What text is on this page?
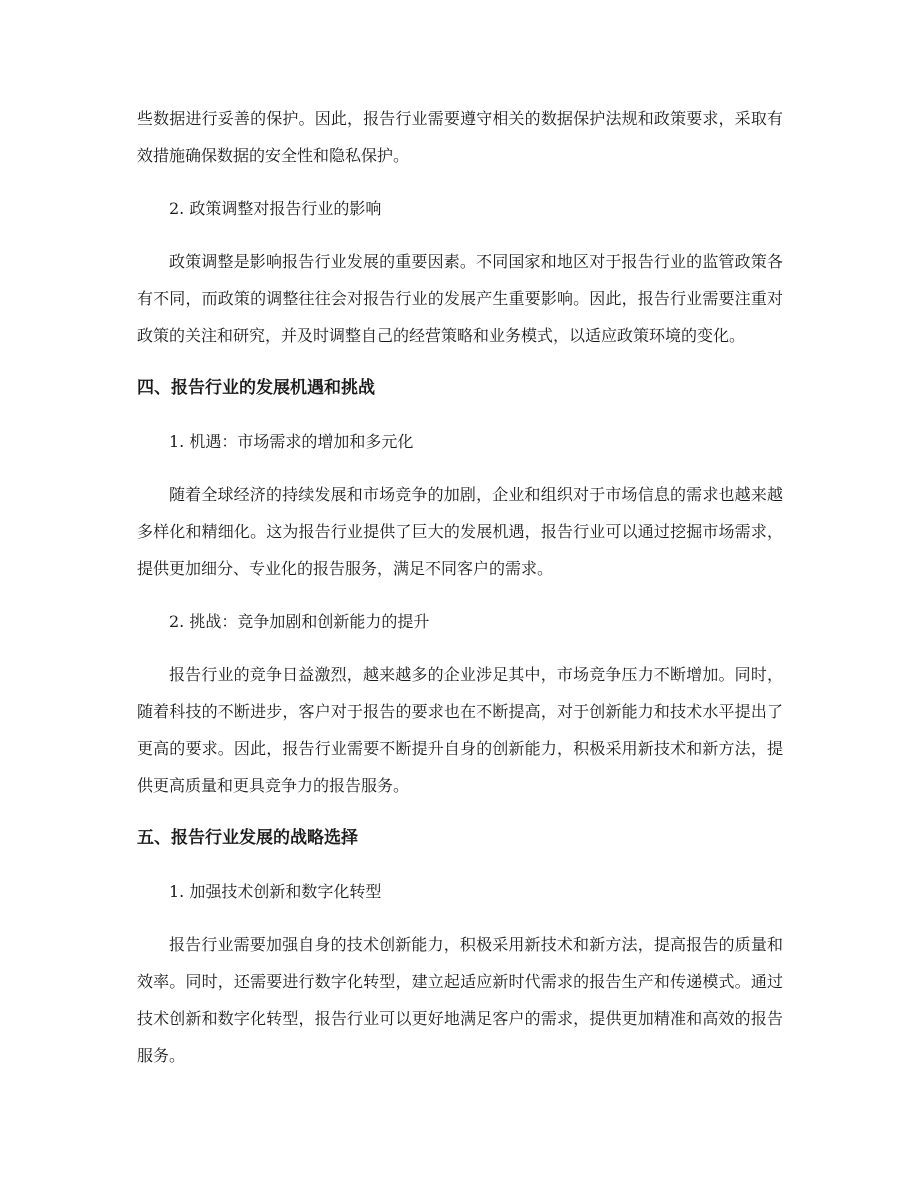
些数据进行妥善的保护。因此，报告行业需要遵守相关的数据保护法规和政策要求，采取有效措施确保数据的安全性和隐私保护。

2. 政策调整对报告行业的影响

政策调整是影响报告行业发展的重要因素。不同国家和地区对于报告行业的监管政策各有不同，而政策的调整往往会对报告行业的发展产生重要影响。因此，报告行业需要注重对政策的关注和研究，并及时调整自己的经营策略和业务模式，以适应政策环境的变化。

四、报告行业的发展机遇和挑战
1. 机遇：市场需求的增加和多元化

随着全球经济的持续发展和市场竞争的加剧，企业和组织对于市场信息的需求也越来越多样化和精细化。这为报告行业提供了巨大的发展机遇，报告行业可以通过挖掘市场需求，提供更加细分、专业化的报告服务，满足不同客户的需求。

2. 挑战：竞争加剧和创新能力的提升

报告行业的竞争日益激烈，越来越多的企业涉足其中，市场竞争压力不断增加。同时，随着科技的不断进步，客户对于报告的要求也在不断提高，对于创新能力和技术水平提出了更高的要求。因此，报告行业需要不断提升自身的创新能力，积极采用新技术和新方法，提供更高质量和更具竞争力的报告服务。

五、报告行业发展的战略选择
1. 加强技术创新和数字化转型

报告行业需要加强自身的技术创新能力，积极采用新技术和新方法，提高报告的质量和效率。同时，还需要进行数字化转型，建立起适应新时代需求的报告生产和传递模式。通过技术创新和数字化转型，报告行业可以更好地满足客户的需求，提供更加精准和高效的报告服务。
